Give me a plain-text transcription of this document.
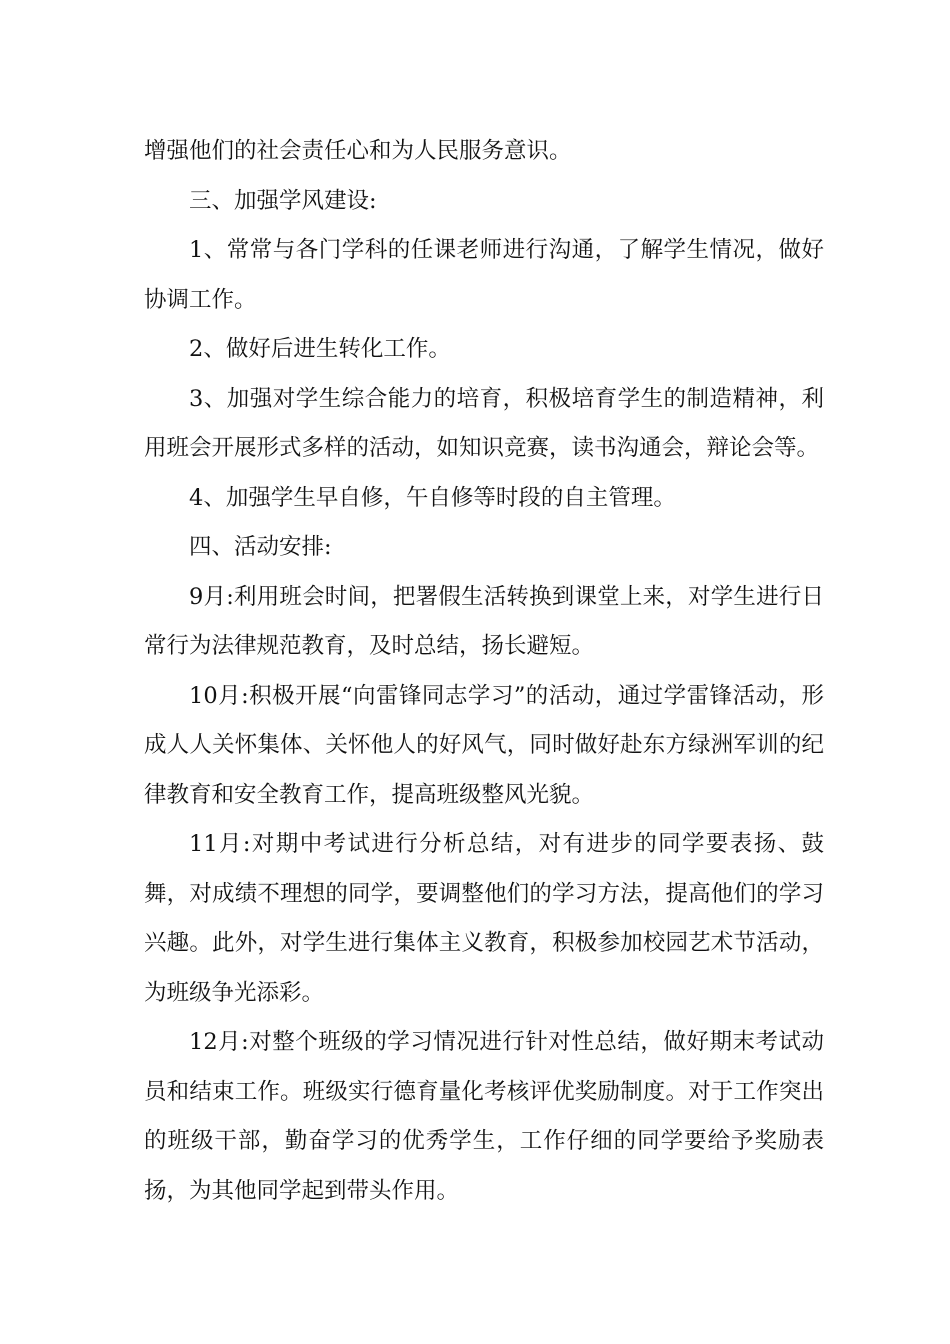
增强他们的社会责任心和为人民服务意识。

三、加强学风建设:

1、常常与各门学科的任课老师进行沟通，了解学生情况，做好协调工作。

2、做好后进生转化工作。

3、加强对学生综合能力的培育，积极培育学生的制造精神，利用班会开展形式多样的活动，如知识竞赛，读书沟通会，辩论会等。

4、加强学生早自修，午自修等时段的自主管理。

四、活动安排:

9月:利用班会时间，把署假生活转换到课堂上来，对学生进行日常行为法律规范教育，及时总结，扬长避短。

10月:积极开展“向雷锋同志学习”的活动，通过学雷锋活动，形成人人关怀集体、关怀他人的好风气，同时做好赴东方绿洲军训的纪律教育和安全教育工作，提高班级整风光貌。

11月:对期中考试进行分析总结，对有进步的同学要表扬、鼓舞，对成绩不理想的同学，要调整他们的学习方法，提高他们的学习兴趣。此外，对学生进行集体主义教育，积极参加校园艺术节活动，为班级争光添彩。

12月:对整个班级的学习情况进行针对性总结，做好期末考试动员和结束工作。班级实行德育量化考核评优奖励制度。对于工作突出的班级干部，勤奋学习的优秀学生，工作仔细的同学要给予奖励表扬，为其他同学起到带头作用。
